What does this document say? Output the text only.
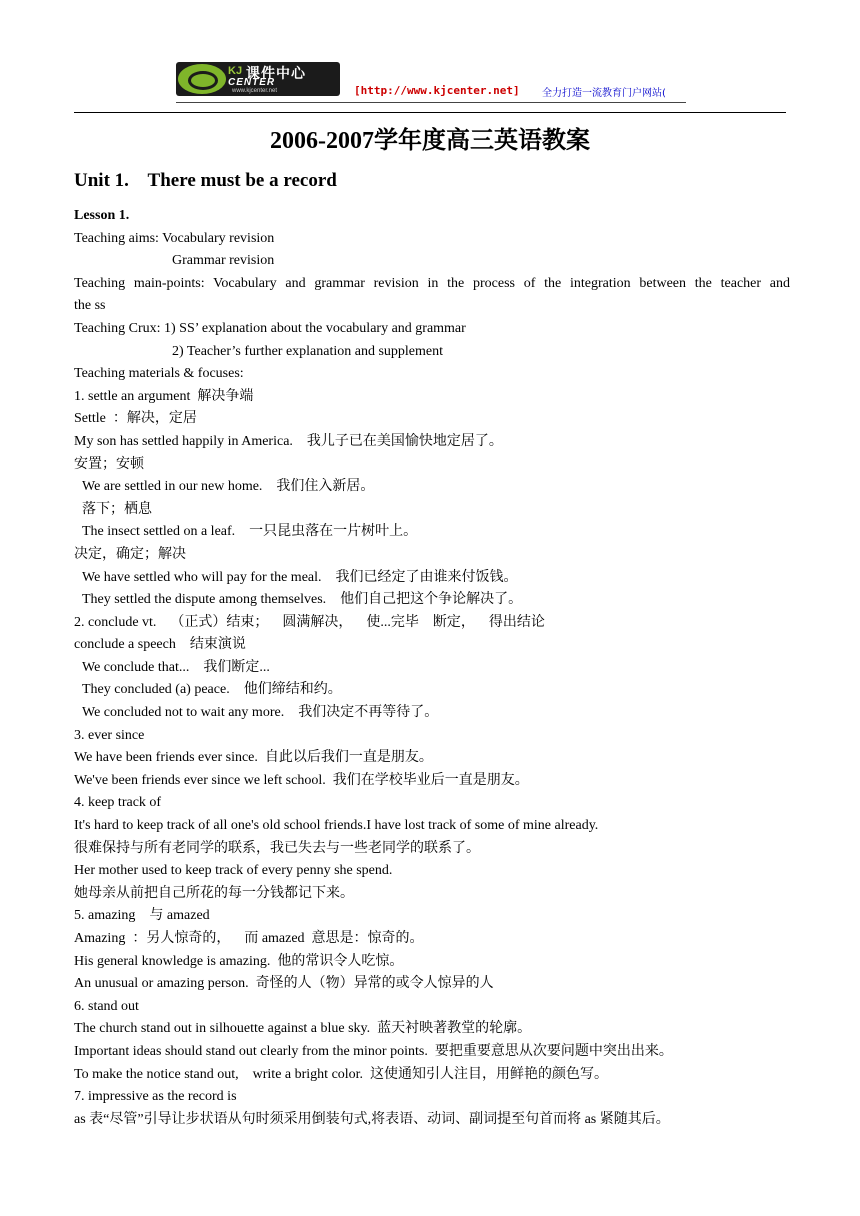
KJ 课件中心
CENTER
www.kjcenter.net	[http://www.kjcenter.net] 全力打造一流教育门户网站(
2006-2007学年度高三英语教案
Unit 1.    There must be a record
Lesson 1.
Teaching aims: Vocabulary revision
Grammar revision
Teaching main-points: Vocabulary and grammar revision in the process of the integration between the teacher and
the ss
Teaching Crux: 1) SS’ explanation about the vocabulary and grammar
2) Teacher’s further explanation and supplement
Teaching materials & focuses:
1. settle an argument  解决争端
Settle  ：解决，定居
My son has settled happily in America.    我儿子已在美国愉快地定居了。
安置；安顿
We are settled in our new home.    我们住入新居。
落下；栖息
The insect settled on a leaf.    一只昆虫落在一片树叶上。
决定，确定；解决
We have settled who will pay for the meal.    我们已经定了由谁来付饭钱。
They settled the dispute among themselves.    他们自己把这个争论解决了。
2. conclude vt.    （正式）结束；    圆满解决，    使...完毕    断定，    得出结论
conclude a speech    结束演说
We conclude that...    我们断定...
They concluded (a) peace.    他们缔结和约。
We concluded not to wait any more.    我们决定不再等待了。
3. ever since
We have been friends ever since.  自此以后我们一直是朋友。
We've been friends ever since we left school.  我们在学校毕业后一直是朋友。
4. keep track of
It's hard to keep track of all one's old school friends.I have lost track of some of mine already.
很难保持与所有老同学的联系，我已失去与一些老同学的联系了。
Her mother used to keep track of every penny she spend.
她母亲从前把自己所花的每一分钱都记下来。
5. amazing    与 amazed
Amazing  ：另人惊奇的，    而 amazed  意思是：惊奇的。
His general knowledge is amazing.  他的常识令人吃惊。
An unusual or amazing person.  奇怪的人（物）异常的或令人惊异的人
6. stand out
The church stand out in silhouette against a blue sky.  蓝天衬映著教堂的轮廓。
Important ideas should stand out clearly from the minor points.  要把重要意思从次要问题中突出出来。
To make the notice stand out,    write a bright color.  这使通知引人注目，用鲜艳的颜色写。
7. impressive as the record is
as 表“尽管”引导让步状语从句时须采用倒装句式,将表语、动词、副词提至句首而将 as 紧随其后。
